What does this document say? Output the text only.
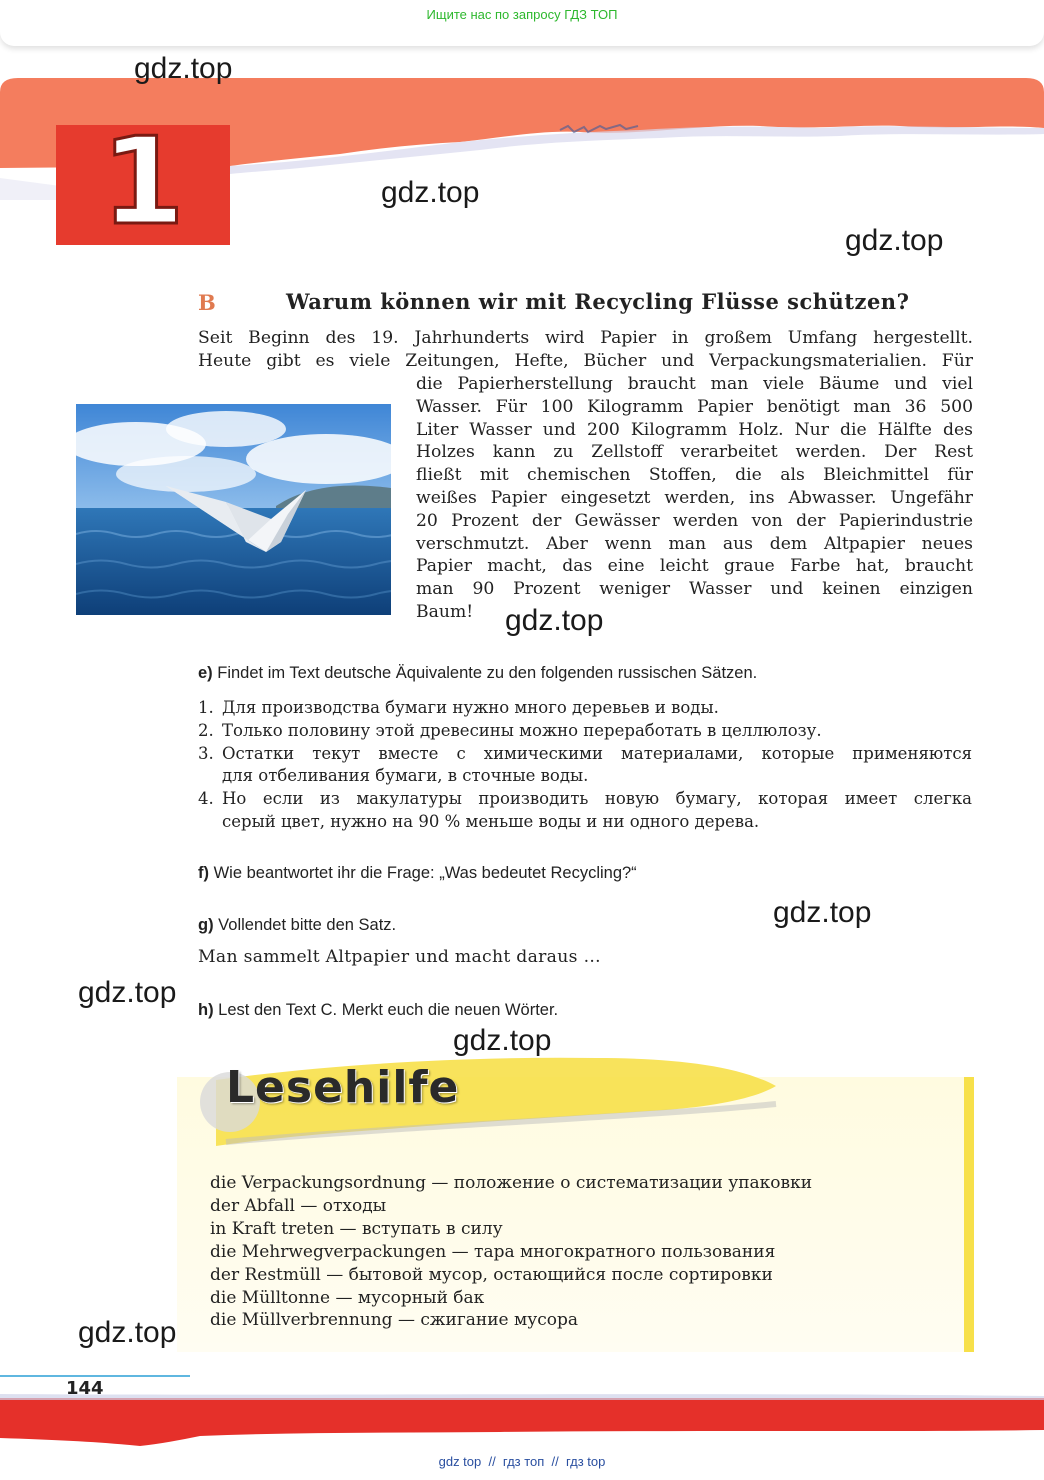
Ищите нас по запросу ГДЗ ТОП
1
gdz.top
gdz.top
gdz.top
gdz.top
gdz.top
gdz.top
gdz.top
gdz.top
B	Warum können wir mit Recycling Flüsse schützen?
Seit Beginn des 19. Jahrhunderts wird Papier in großem Umfang hergestellt.
Heute gibt es viele Zeitungen, Hefte, Bücher und Verpackungsmaterialien. Für
die Papierherstellung braucht man viele Bäume und viel
Wasser. Für 100 Kilogramm Papier benötigt man 36 500
Liter Wasser und 200 Kilogramm Holz. Nur die Hälfte des
Holzes kann zu Zellstoff verarbeitet werden. Der Rest
fließt mit chemischen Stoffen, die als Bleichmittel für
weißes Papier eingesetzt werden, ins Abwasser. Ungefähr
20 Prozent der Gewässer werden von der Papierindustrie
verschmutzt. Aber wenn man aus dem Altpapier neues
Papier macht, das eine leicht graue Farbe hat, braucht
man 90 Prozent weniger Wasser und keinen einzigen
Baum!
e) Findet im Text deutsche Äquivalente zu den folgenden russischen Sätzen.
1. Для производства бумаги нужно много деревьев и воды.
2. Только половину этой древесины можно переработать в целлюлозу.
3. Остатки текут вместе с химическими материалами, которые применяются
для отбеливания бумаги, в сточные воды.
4. Но если из макулатуры производить новую бумагу, которая имеет слегка
серый цвет, нужно на 90 % меньше воды и ни одного дерева.
f) Wie beantwortet ihr die Frage: „Was bedeutet Recycling?“
g) Vollendet bitte den Satz.
Man sammelt Altpapier und macht daraus …
h) Lest den Text C. Merkt euch die neuen Wörter.
Lesehilfe
die Verpackungsordnung — положение о систематизации упаковки
der Abfall — отходы
in Kraft treten — вступать в силу
die Mehrwegverpackungen — тара многократного пользования
der Restmüll — бытовой мусор, остающийся после сортировки
die Mülltonne — мусорный бак
die Müllverbrennung — сжигание мусора
144
gdz top  //  гдз топ  //  гдз top
